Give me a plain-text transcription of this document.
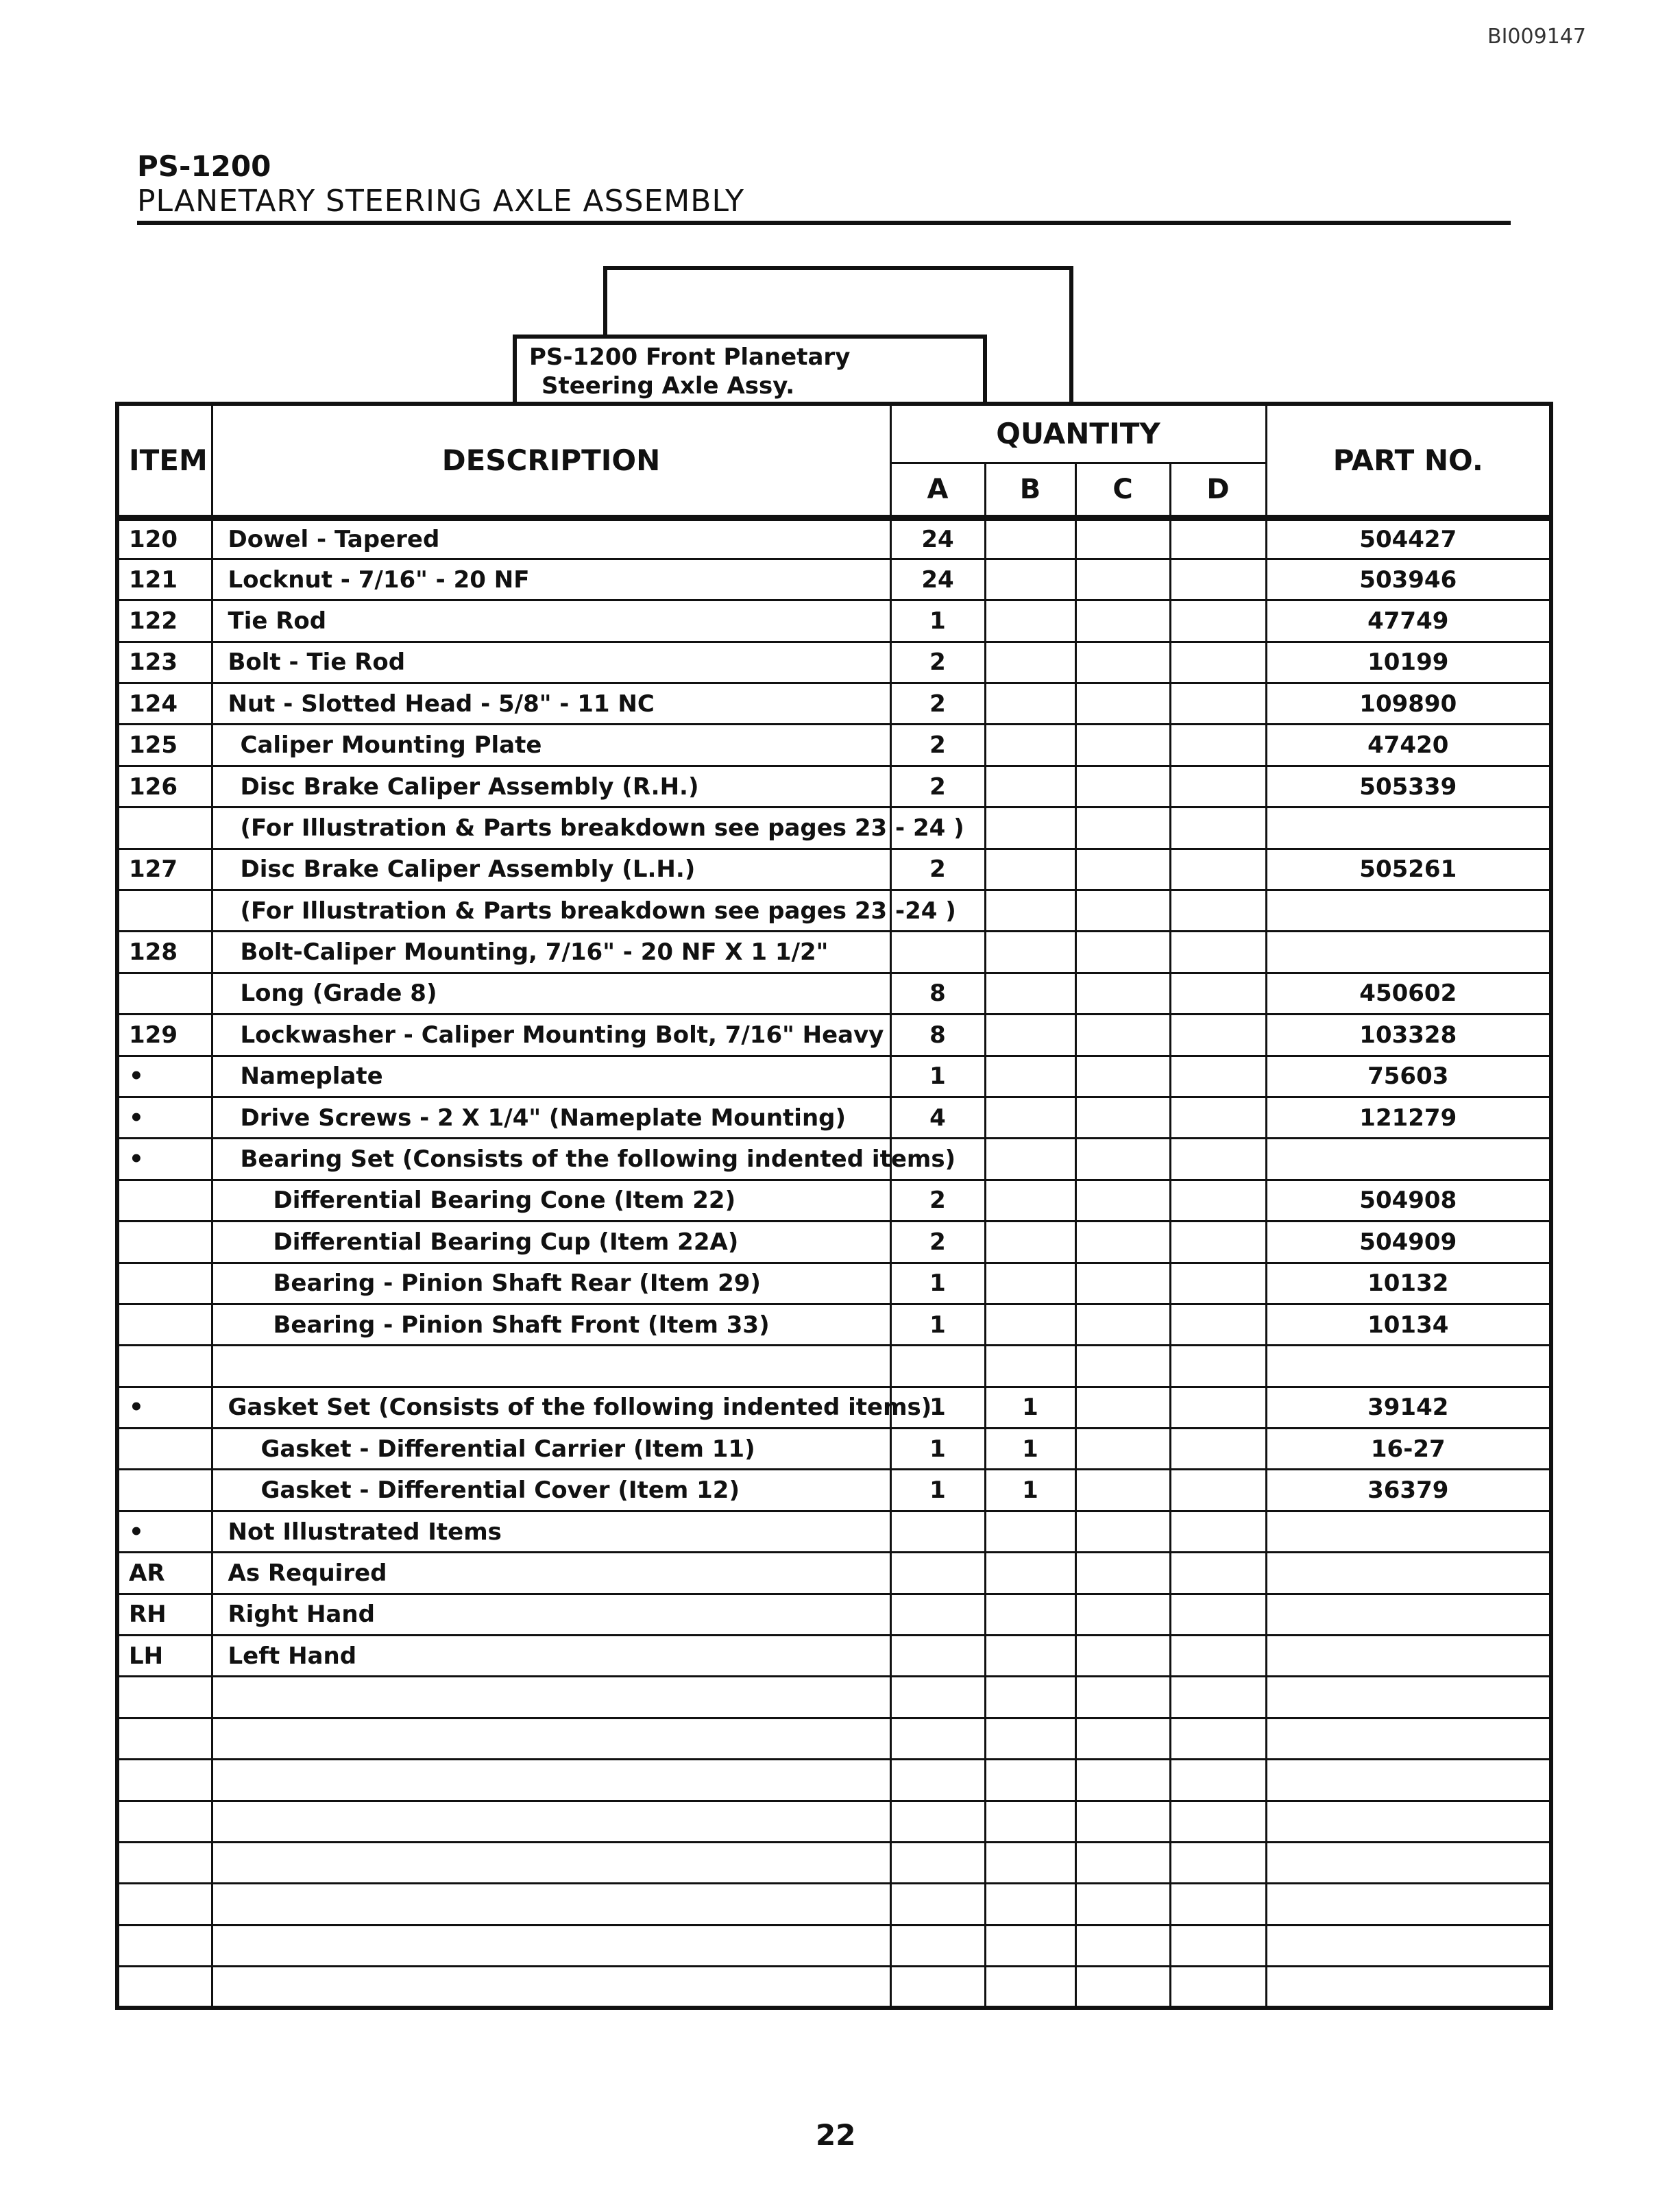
BI009147
PS-1200
PLANETARY STEERING AXLE ASSEMBLY
PS-1200 Front Planetary
Steering Axle Assy.
ITEM	DESCRIPTION	QUANTITY				PART NO.
		A	B	C	D	
120	Dowel - Tapered	24				504427
121	Locknut - 7/16" - 20 NF	24				503946
122	Tie Rod	1				47749
123	Bolt - Tie Rod	2				10199
124	Nut - Slotted Head - 5/8" - 11 NC	2				109890
125	Caliper Mounting Plate	2				47420
126	Disc Brake Caliper Assembly (R.H.)	2				505339
	(For Illustration & Parts breakdown see pages 23 - 24 )					
127	Disc Brake Caliper Assembly (L.H.)	2				505261
	(For Illustration & Parts breakdown see pages 23 -24 )					
128	Bolt-Caliper Mounting, 7/16" - 20 NF X 1 1/2"					
	Long (Grade 8)	8				450602
129	Lockwasher - Caliper Mounting Bolt, 7/16" Heavy	8				103328
•	Nameplate	1				75603
•	Drive Screws - 2 X 1/4" (Nameplate Mounting)	4				121279
•	Bearing Set (Consists of the following indented items)					
	Differential Bearing Cone (Item 22)	2				504908
	Differential Bearing Cup (Item 22A)	2				504909
	Bearing - Pinion Shaft Rear (Item 29)	1				10132
	Bearing - Pinion Shaft Front (Item 33)	1				10134

•	Gasket Set (Consists of the following indented items)	1	1			39142
	Gasket - Differential Carrier (Item 11)	1	1			16-27
	Gasket - Differential Cover (Item 12)	1	1			36379
•	Not Illustrated Items					
AR	As Required					
RH	Right Hand					
LH	Left Hand					

22
